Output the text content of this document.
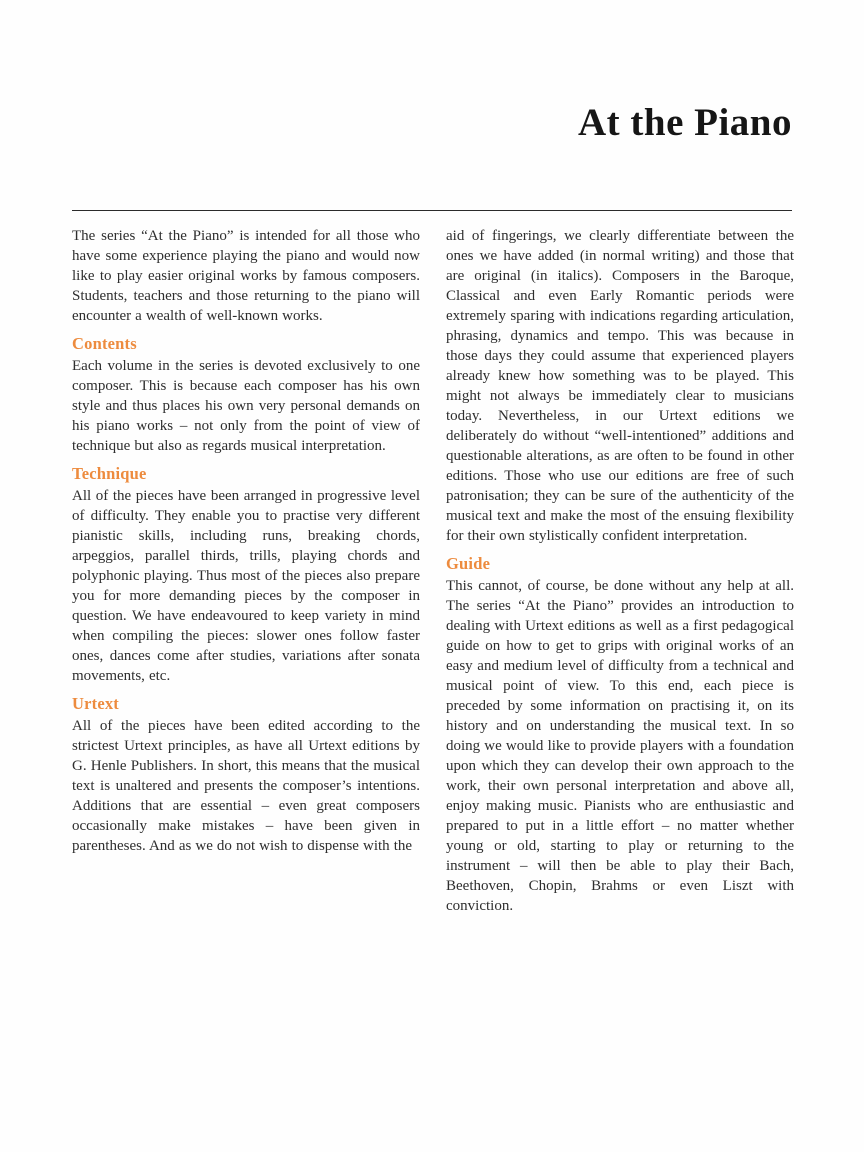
At the Piano

The series “At the Piano” is intended for all those who have some experience playing the piano and would now like to play easier original works by famous composers. Students, teachers and those returning to the piano will encounter a wealth of well-known works.

Contents

Each volume in the series is devoted exclusively to one composer. This is because each composer has his own style and thus places his own very personal demands on his piano works – not only from the point of view of technique but also as regards musical interpretation.

Technique

All of the pieces have been arranged in progressive level of difficulty. They enable you to practise very different pianistic skills, including runs, breaking chords, arpeggios, parallel thirds, trills, playing chords and polyphonic playing. Thus most of the pieces also prepare you for more demanding pieces by the composer in question. We have endeavoured to keep variety in mind when compiling the pieces: slower ones follow faster ones, dances come after studies, variations after sonata movements, etc.

Urtext

All of the pieces have been edited according to the strictest Urtext principles, as have all Urtext editions by G. Henle Publishers. In short, this means that the musical text is unaltered and presents the composer’s intentions. Additions that are essential – even great composers occasionally make mistakes – have been given in parentheses. And as we do not wish to dispense with the

aid of fingerings, we clearly differentiate between the ones we have added (in normal writing) and those that are original (in italics). Composers in the Baroque, Classical and even Early Romantic periods were extremely sparing with indications regarding articulation, phrasing, dynamics and tempo. This was because in those days they could assume that experienced players already knew how something was to be played. This might not always be immediately clear to musicians today. Nevertheless, in our Urtext editions we deliberately do without “well-intentioned” additions and questionable alterations, as are often to be found in other editions. Those who use our editions are free of such patronisation; they can be sure of the authenticity of the musical text and make the most of the ensuing flexibility for their own stylistically confident interpretation.

Guide

This cannot, of course, be done without any help at all. The series “At the Piano” provides an introduction to dealing with Urtext editions as well as a first pedagogical guide on how to get to grips with original works of an easy and medium level of difficulty from a technical and musical point of view. To this end, each piece is preceded by some information on practising it, on its history and on understanding the musical text. In so doing we would like to provide players with a foundation upon which they can develop their own approach to the work, their own personal interpretation and above all, enjoy making music. Pianists who are enthusiastic and prepared to put in a little effort – no matter whether young or old, starting to play or returning to the instrument – will then be able to play their Bach, Beethoven, Chopin, Brahms or even Liszt with conviction.
